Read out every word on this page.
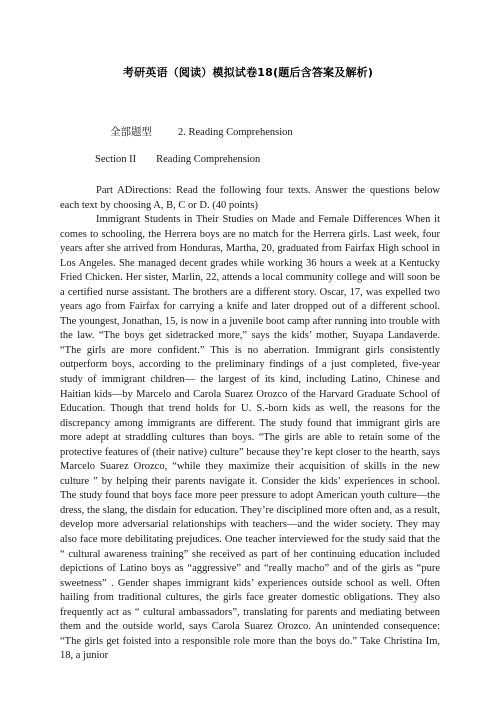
考研英语（阅读）模拟试卷18(题后含答案及解析)
全部题型 2. Reading Comprehension
Section II Reading Comprehension

Part ADirections: Read the following four texts. Answer the questions below each text by choosing A, B, C or D. (40 points)

Immigrant Students in Their Studies on Made and Female Differences When it comes to schooling, the Herrera boys are no match for the Herrera girls. Last week, four years after she arrived from Honduras, Martha, 20, graduated from Fairfax High school in Los Angeles. She managed decent grades while working 36 hours a week at a Kentucky Fried Chicken. Her sister, Marlin, 22, attends a local community college and will soon be a certified nurse assistant. The brothers are a different story. Oscar, 17, was expelled two years ago from Fairfax for carrying a knife and later dropped out of a different school. The youngest, Jonathan, 15, is now in a juvenile boot camp after running into trouble with the law. “The boys get sidetracked more,” says the kids’ mother, Suyapa Landaverde. “The girls are more confident.” This is no aberration. Immigrant girls consistently outperform boys, according to the preliminary findings of a just completed, five-year study of immigrant children— the largest of its kind, including Latino, Chinese and Haitian kids—by Marcelo and Carola Suarez Orozco of the Harvard Graduate School of Education. Though that trend holds for U. S.-born kids as well, the reasons for the discrepancy among immigrants are different. The study found that immigrant girls are more adept at straddling cultures than boys. “The girls are able to retain some of the protective features of (their native) culture” because they’re kept closer to the hearth, says Marcelo Suarez Orozco, “while they maximize their acquisition of skills in the new culture ” by helping their parents navigate it. Consider the kids’ experiences in school. The study found that boys face more peer pressure to adopt American youth culture—the dress, the slang, the disdain for education. They’re disciplined more often and, as a result, develop more adversarial relationships with teachers—and the wider society. They may also face more debilitating prejudices. One teacher interviewed for the study said that the “ cultural awareness training” she received as part of her continuing education included depictions of Latino boys as “aggressive” and “really macho” and of the girls as “pure sweetness” . Gender shapes immigrant kids’ experiences outside school as well. Often hailing from traditional cultures, the girls face greater domestic obligations. They also frequently act as “ cultural ambassadors”, translating for parents and mediating between them and the outside world, says Carola Suarez Orozco. An unintended consequence: “The girls get foisted into a responsible role more than the boys do.” Take Christina Im, 18, a junior
